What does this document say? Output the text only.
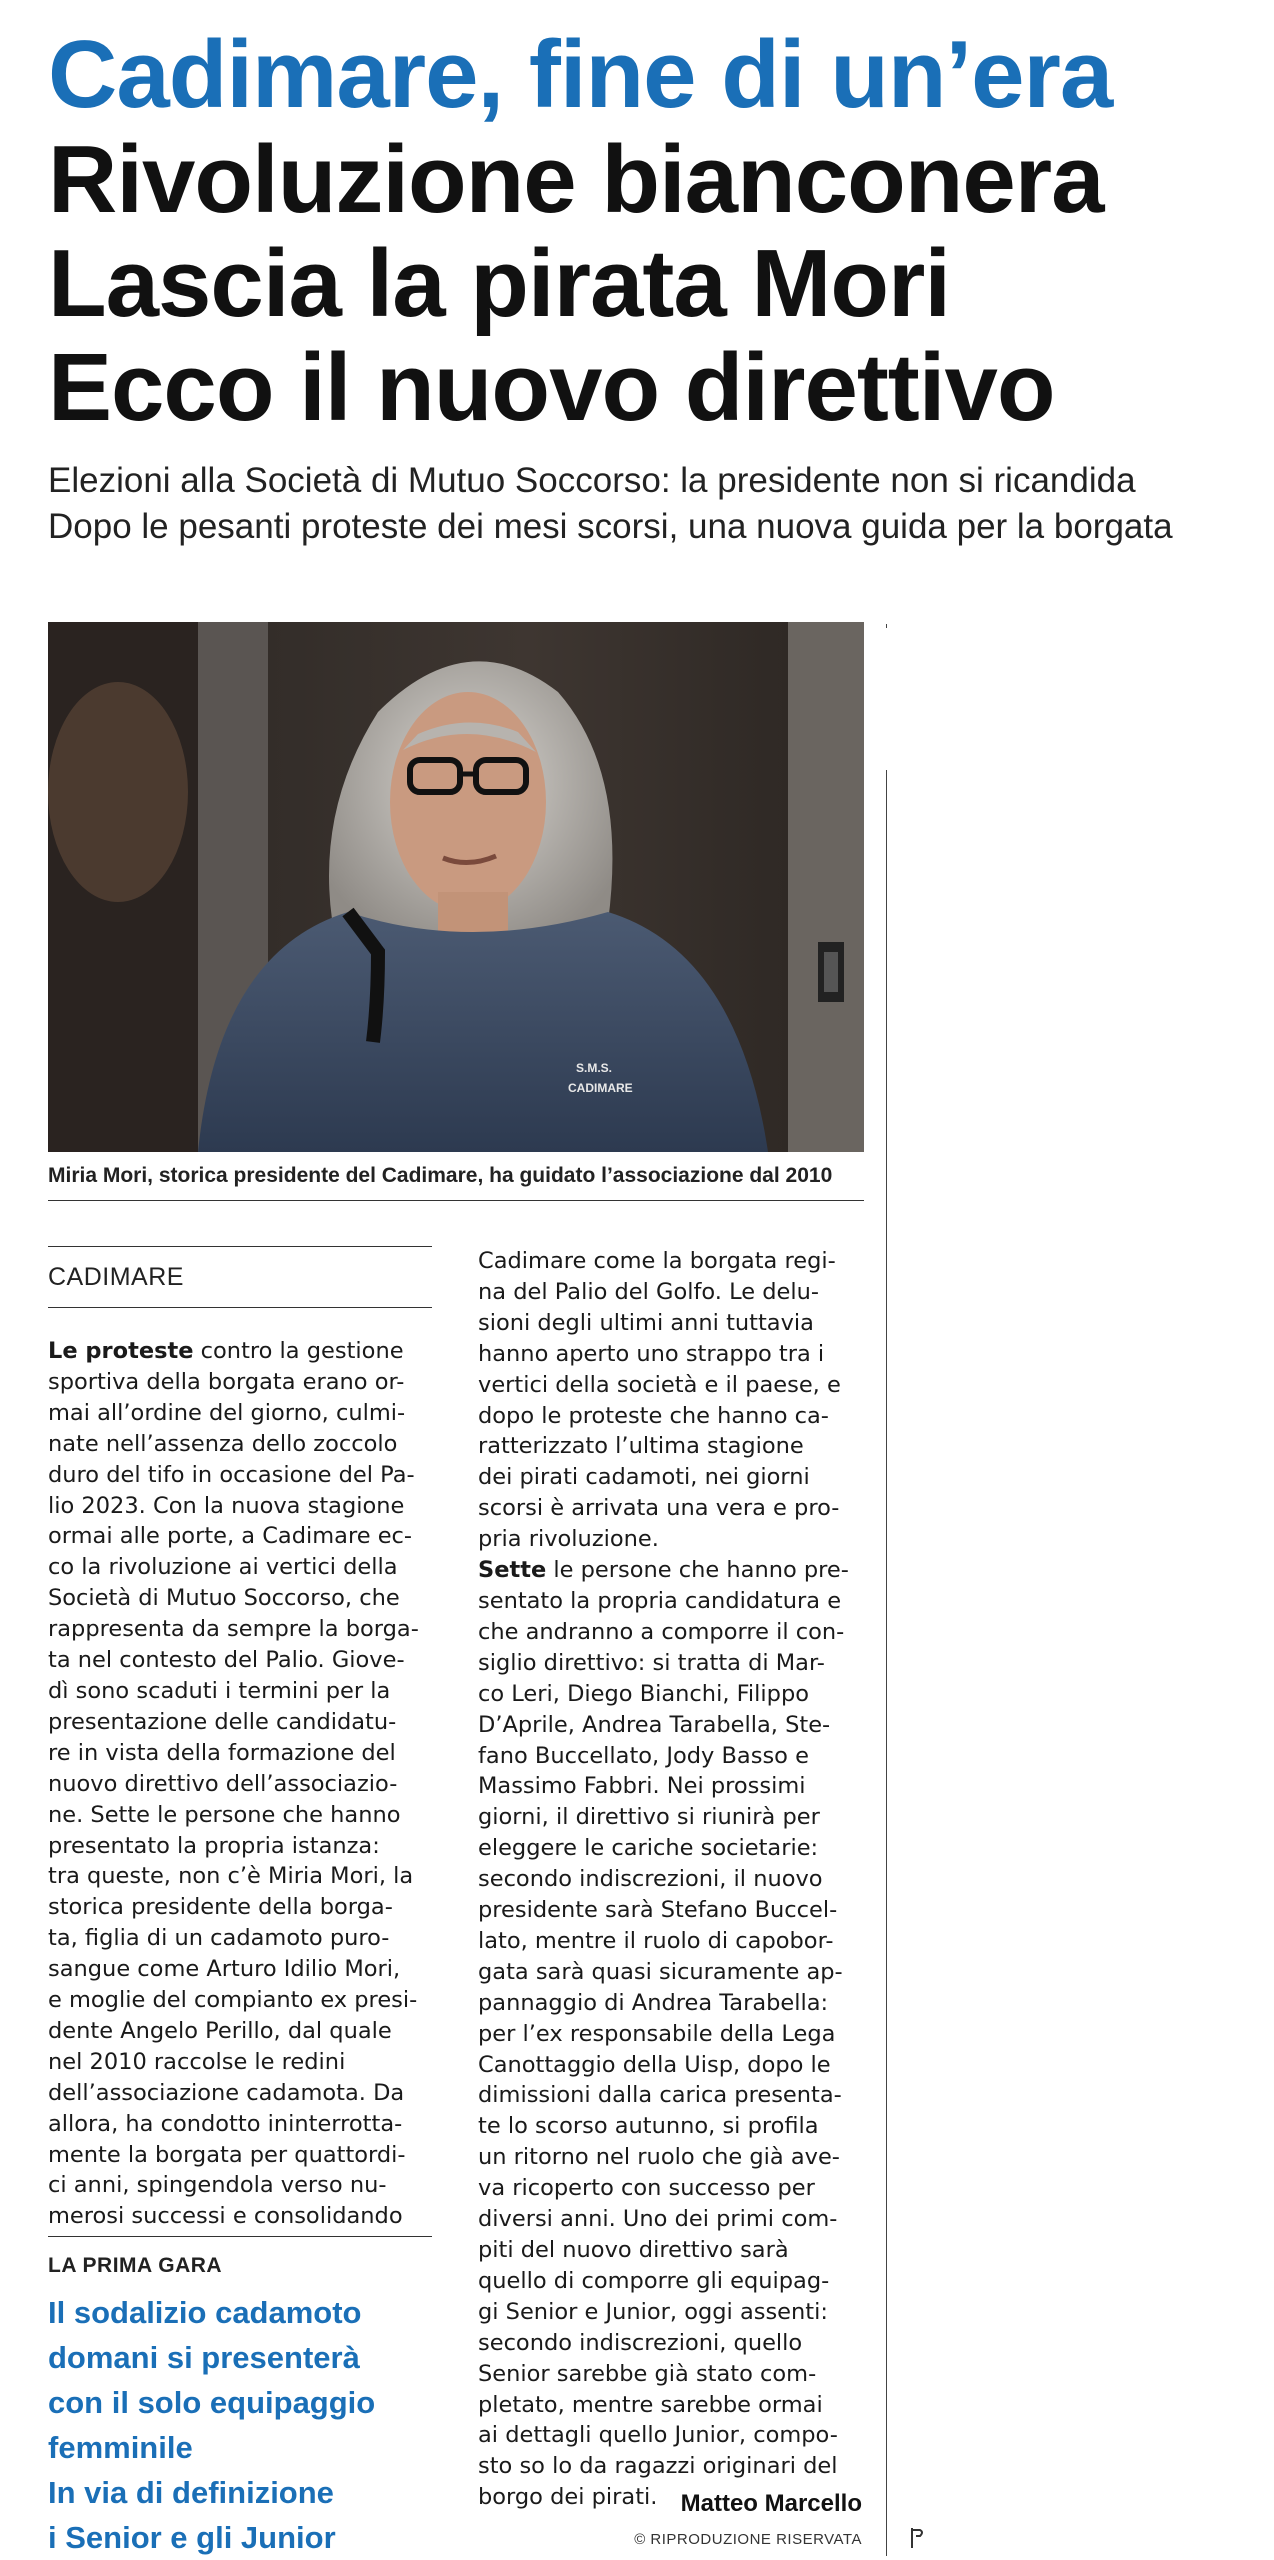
Cadimare, fine di un’era
Rivoluzione bianconera
Lascia la pirata Mori
Ecco il nuovo direttivo

Elezioni alla Società di Mutuo Soccorso: la presidente non si ricandida
Dopo le pesanti proteste dei mesi scorsi, una nuova guida per la borgata

S.M.S.
CADIMARE

Miria Mori, storica presidente del Cadimare, ha guidato l’associazione dal 2010

CADIMARE

Le proteste contro la gestione
sportiva della borgata erano or-
mai all’ordine del giorno, culmi-
nate nell’assenza dello zoccolo
duro del tifo in occasione del Pa-
lio 2023. Con la nuova stagione
ormai alle porte, a Cadimare ec-
co la rivoluzione ai vertici della
Società di Mutuo Soccorso, che
rappresenta da sempre la borga-
ta nel contesto del Palio. Giove-
dì sono scaduti i termini per la
presentazione delle candidatu-
re in vista della formazione del
nuovo direttivo dell’associazio-
ne. Sette le persone che hanno
presentato la propria istanza:
tra queste, non c’è Miria Mori, la
storica presidente della borga-
ta, figlia di un cadamoto puro-
sangue come Arturo Idilio Mori,
e moglie del compianto ex presi-
dente Angelo Perillo, dal quale
nel 2010 raccolse le redini
dell’associazione cadamota. Da
allora, ha condotto ininterrotta-
mente la borgata per quattordi-
ci anni, spingendola verso nu-
merosi successi e consolidando

LA PRIMA GARA

Il sodalizio cadamoto
domani si presenterà
con il solo equipaggio
femminile
In via di definizione
i Senior e gli Junior

Cadimare come la borgata regi-
na del Palio del Golfo. Le delu-
sioni degli ultimi anni tuttavia
hanno aperto uno strappo tra i
vertici della società e il paese, e
dopo le proteste che hanno ca-
ratterizzato l’ultima stagione
dei pirati cadamoti, nei giorni
scorsi è arrivata una vera e pro-
pria rivoluzione.
Sette le persone che hanno pre-
sentato la propria candidatura e
che andranno a comporre il con-
siglio direttivo: si tratta di Mar-
co Leri, Diego Bianchi, Filippo
D’Aprile, Andrea Tarabella, Ste-
fano Buccellato, Jody Basso e
Massimo Fabbri. Nei prossimi
giorni, il direttivo si riunirà per
eleggere le cariche societarie:
secondo indiscrezioni, il nuovo
presidente sarà Stefano Buccel-
lato, mentre il ruolo di capobor-
gata sarà quasi sicuramente ap-
pannaggio di Andrea Tarabella:
per l’ex responsabile della Lega
Canottaggio della Uisp, dopo le
dimissioni dalla carica presenta-
te lo scorso autunno, si profila
un ritorno nel ruolo che già ave-
va ricoperto con successo per
diversi anni. Uno dei primi com-
piti del nuovo direttivo sarà
quello di comporre gli equipag-
gi Senior e Junior, oggi assenti:
secondo indiscrezioni, quello
Senior sarebbe già stato com-
pletato, mentre sarebbe ormai
ai dettagli quello Junior, compo-
sto so lo da ragazzi originari del
borgo dei pirati. Matteo Marcello

© RIPRODUZIONE RISERVATA
